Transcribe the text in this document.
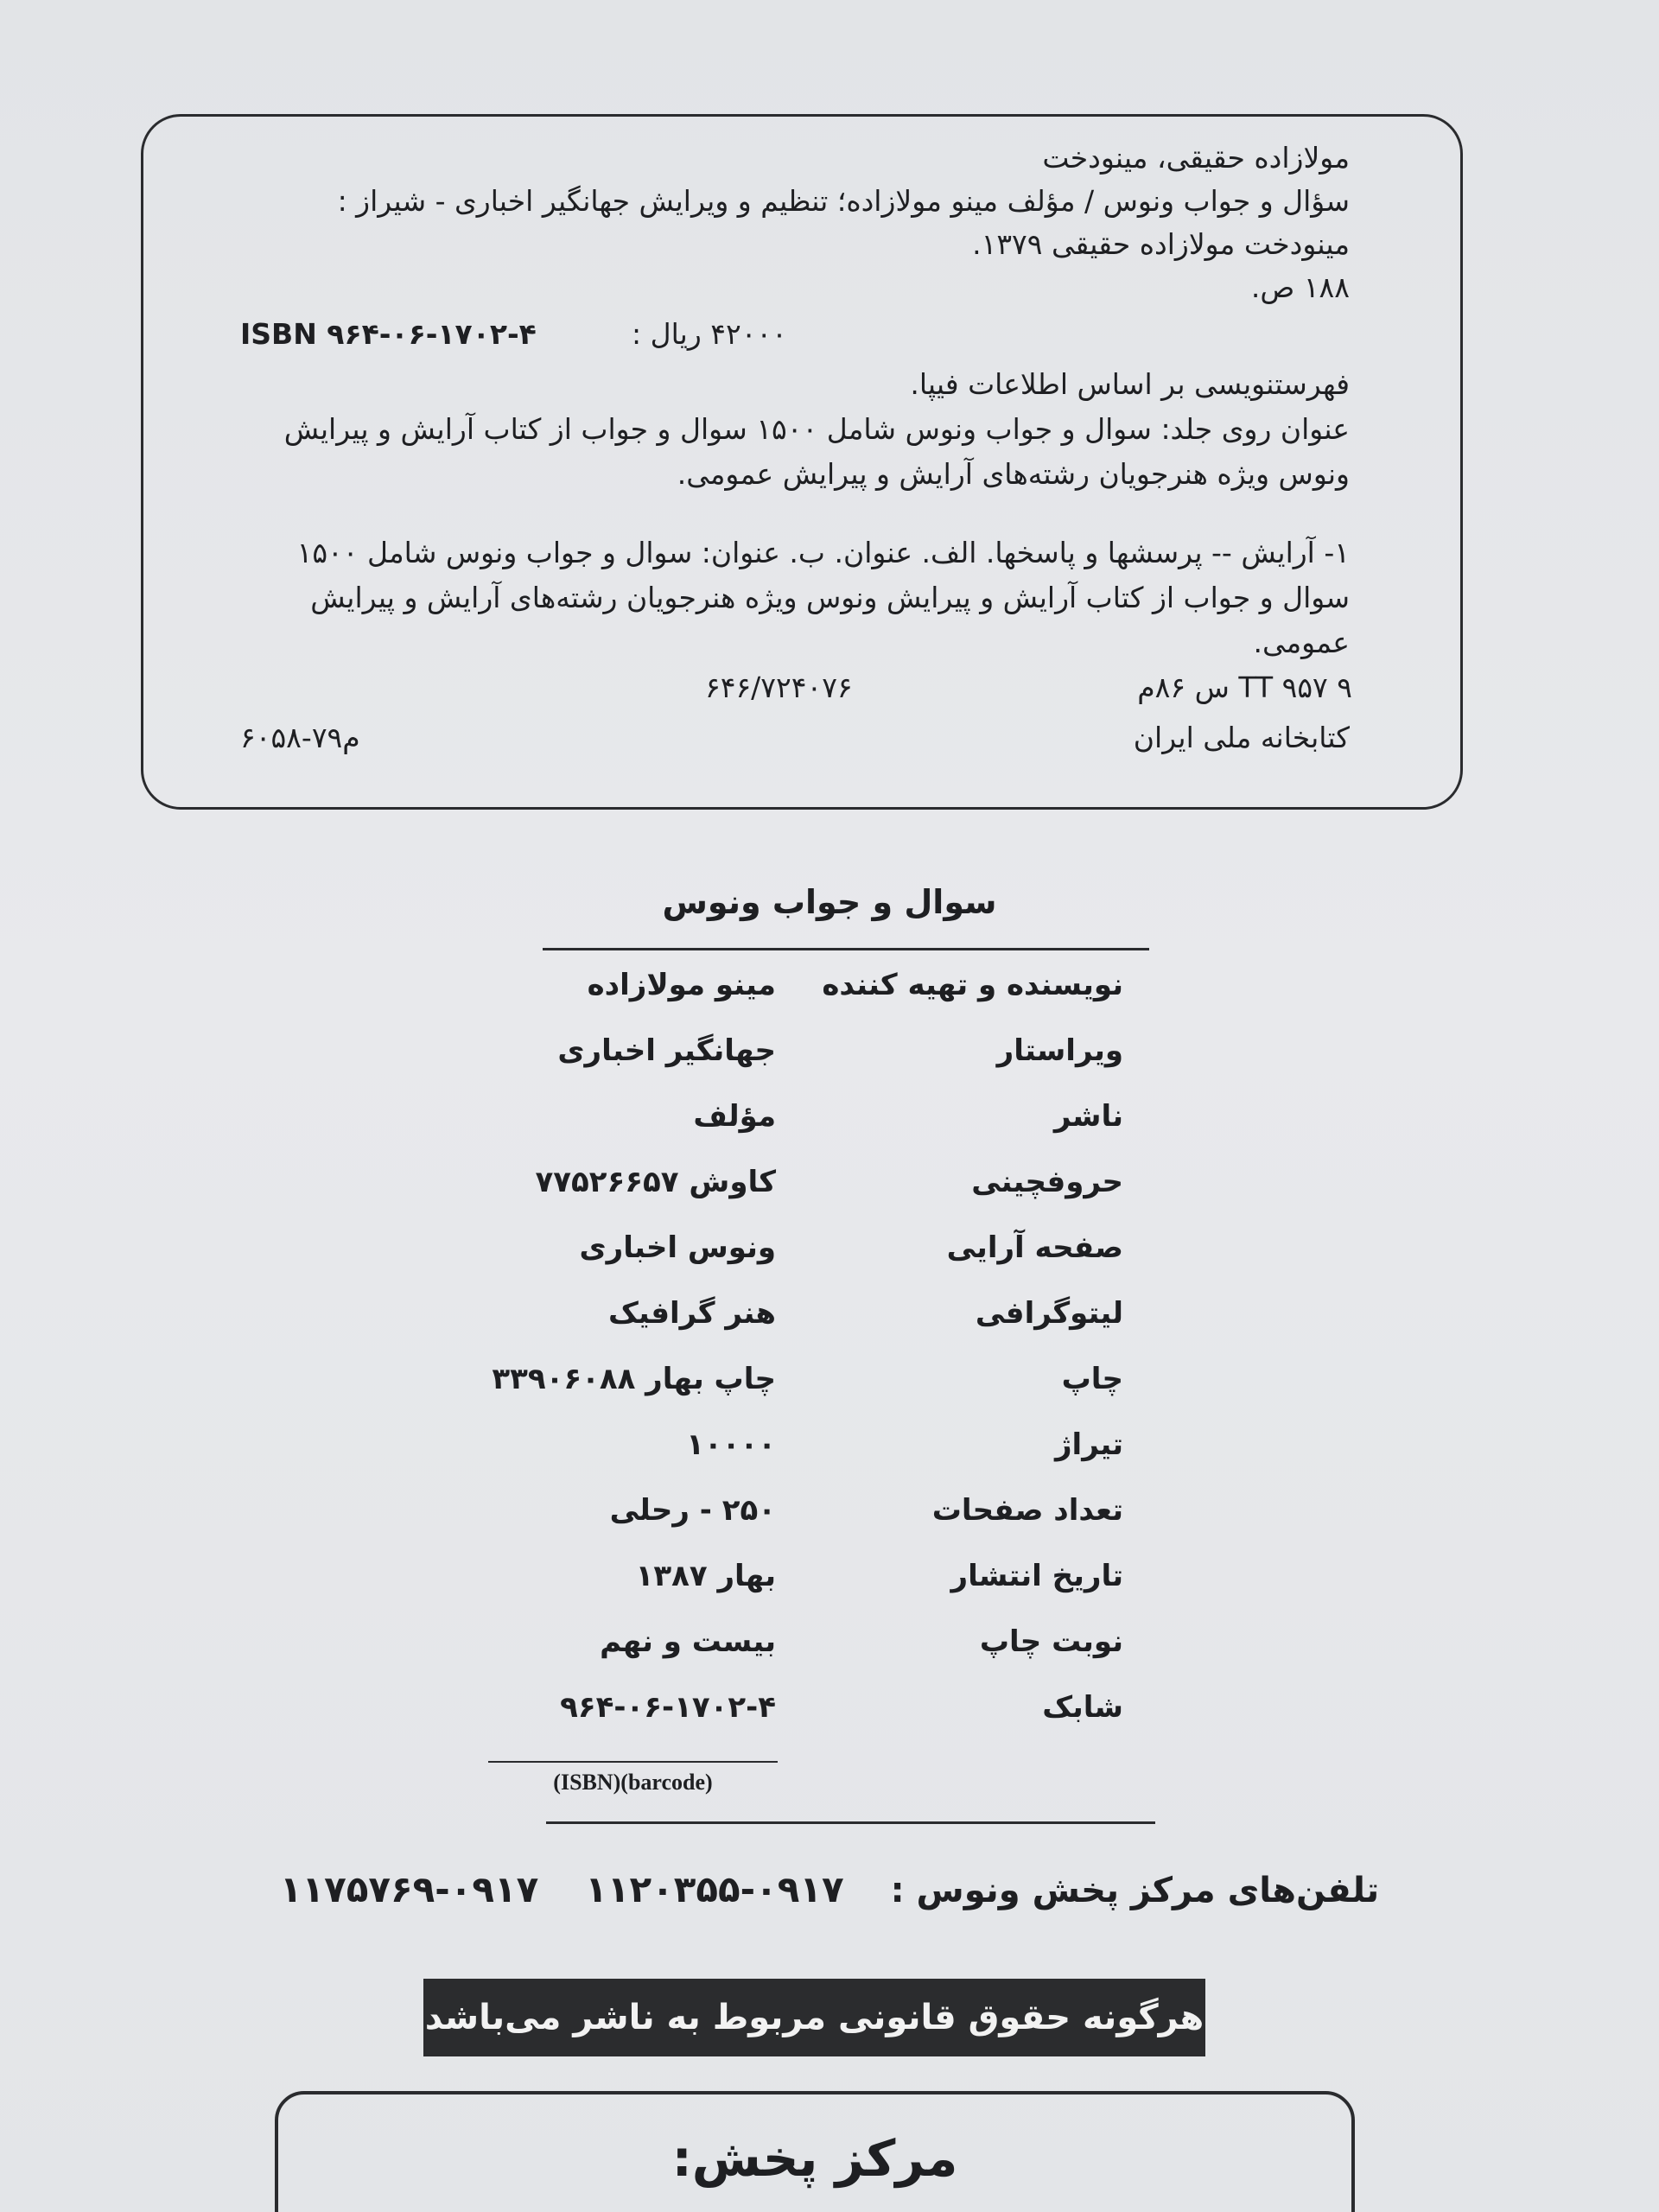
مولازاده حقیقی، مینودخت
سؤال و جواب ونوس / مؤلف مینو مولازاده؛ تنظیم و ویرایش جهانگیر اخباری - شیراز :
مینودخت مولازاده حقیقی ۱۳۷۹.
۱۸۸ ص.
۴۲۰۰۰ ریال :
ISBN ۹۶۴-۰۶-۱۷۰۲-۴
فهرستنویسی بر اساس اطلاعات فیپا.
عنوان روی جلد: سوال و جواب ونوس شامل ۱۵۰۰ سوال و جواب از کتاب آرایش و پیرایش
ونوس ویژه هنرجویان رشته‌های آرایش و پیرایش عمومی.
۱- آرایش -- پرسشها و پاسخها. الف. عنوان. ب. عنوان: سوال و جواب ونوس شامل ۱۵۰۰
سوال و جواب از کتاب آرایش و پیرایش ونوس ویژه هنرجویان رشته‌های آرایش و پیرایش
عمومی.
TT ۹۵۷ ۹ س ۸۶م
۶۴۶/۷۲۴۰۷۶
کتابخانه ملی ایران
م۷۹-۶۰۵۸
سوال و جواب ونوس
نویسنده و تهیه کننده
مینو مولازاده
ویراستار
جهانگیر اخباری
ناشر
مؤلف
حروفچینی
کاوش ۷۷۵۲۶۶۵۷
صفحه آرایی
ونوس اخباری
لیتوگرافی
هنر گرافیک
چاپ
چاپ بهار ۳۳۹۰۶۰۸۸
تیراژ
۱۰۰۰۰
تعداد صفحات
۲۵۰ - رحلی
تاریخ انتشار
بهار ۱۳۸۷
نوبت چاپ
بیست و نهم
شابک
۹۶۴-۰۶-۱۷۰۲-۴
(ISBN)(barcode)
تلفن‌های مرکز پخش ونوس : ۰۹۱۷-۱۱۲۰۳۵۵ ۰۹۱۷-۱۱۷۵۷۶۹
هرگونه حقوق قانونی مربوط به ناشر می‌باشد
مرکز پخش:
